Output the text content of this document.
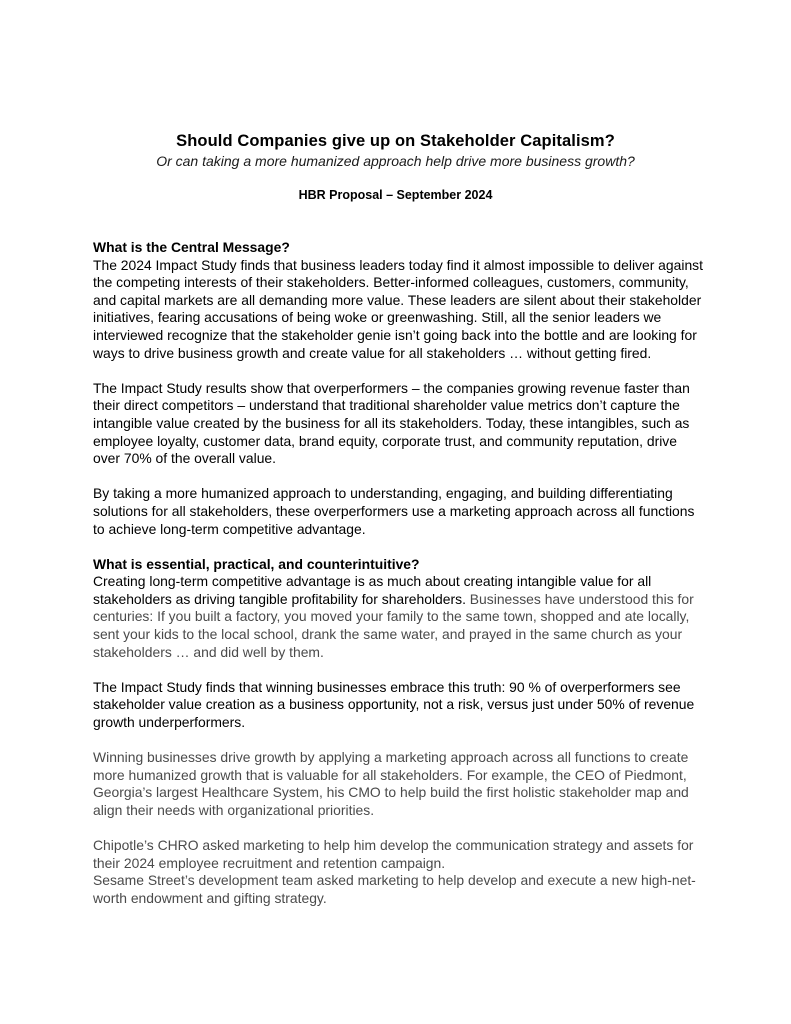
Should Companies give up on Stakeholder Capitalism?
Or can taking a more humanized approach help drive more business growth?
HBR Proposal – September 2024
What is the Central Message?

The 2024 Impact Study finds that business leaders today find it almost impossible to deliver against the competing interests of their stakeholders. Better-informed colleagues, customers, community, and capital markets are all demanding more value. These leaders are silent about their stakeholder initiatives, fearing accusations of being woke or greenwashing. Still, all the senior leaders we interviewed recognize that the stakeholder genie isn’t going back into the bottle and are looking for ways to drive business growth and create value for all stakeholders … without getting fired.

The Impact Study results show that overperformers – the companies growing revenue faster than their direct competitors – understand that traditional shareholder value metrics don’t capture the intangible value created by the business for all its stakeholders. Today, these intangibles, such as employee loyalty, customer data, brand equity, corporate trust, and community reputation, drive over 70% of the overall value.

By taking a more humanized approach to understanding, engaging, and building differentiating solutions for all stakeholders, these overperformers use a marketing approach across all functions to achieve long-term competitive advantage.

What is essential, practical, and counterintuitive?

Creating long-term competitive advantage is as much about creating intangible value for all stakeholders as driving tangible profitability for shareholders. Businesses have understood this for centuries: If you built a factory, you moved your family to the same town, shopped and ate locally, sent your kids to the local school, drank the same water, and prayed in the same church as your stakeholders … and did well by them.

The Impact Study finds that winning businesses embrace this truth: 90 % of overperformers see stakeholder value creation as a business opportunity, not a risk, versus just under 50% of revenue growth underperformers.

Winning businesses drive growth by applying a marketing approach across all functions to create more humanized growth that is valuable for all stakeholders. For example, the CEO of Piedmont, Georgia’s largest Healthcare System, his CMO to help build the first holistic stakeholder map and align their needs with organizational priorities.

Chipotle’s CHRO asked marketing to help him develop the communication strategy and assets for their 2024 employee recruitment and retention campaign.
Sesame Street’s development team asked marketing to help develop and execute a new high-net-worth endowment and gifting strategy.
